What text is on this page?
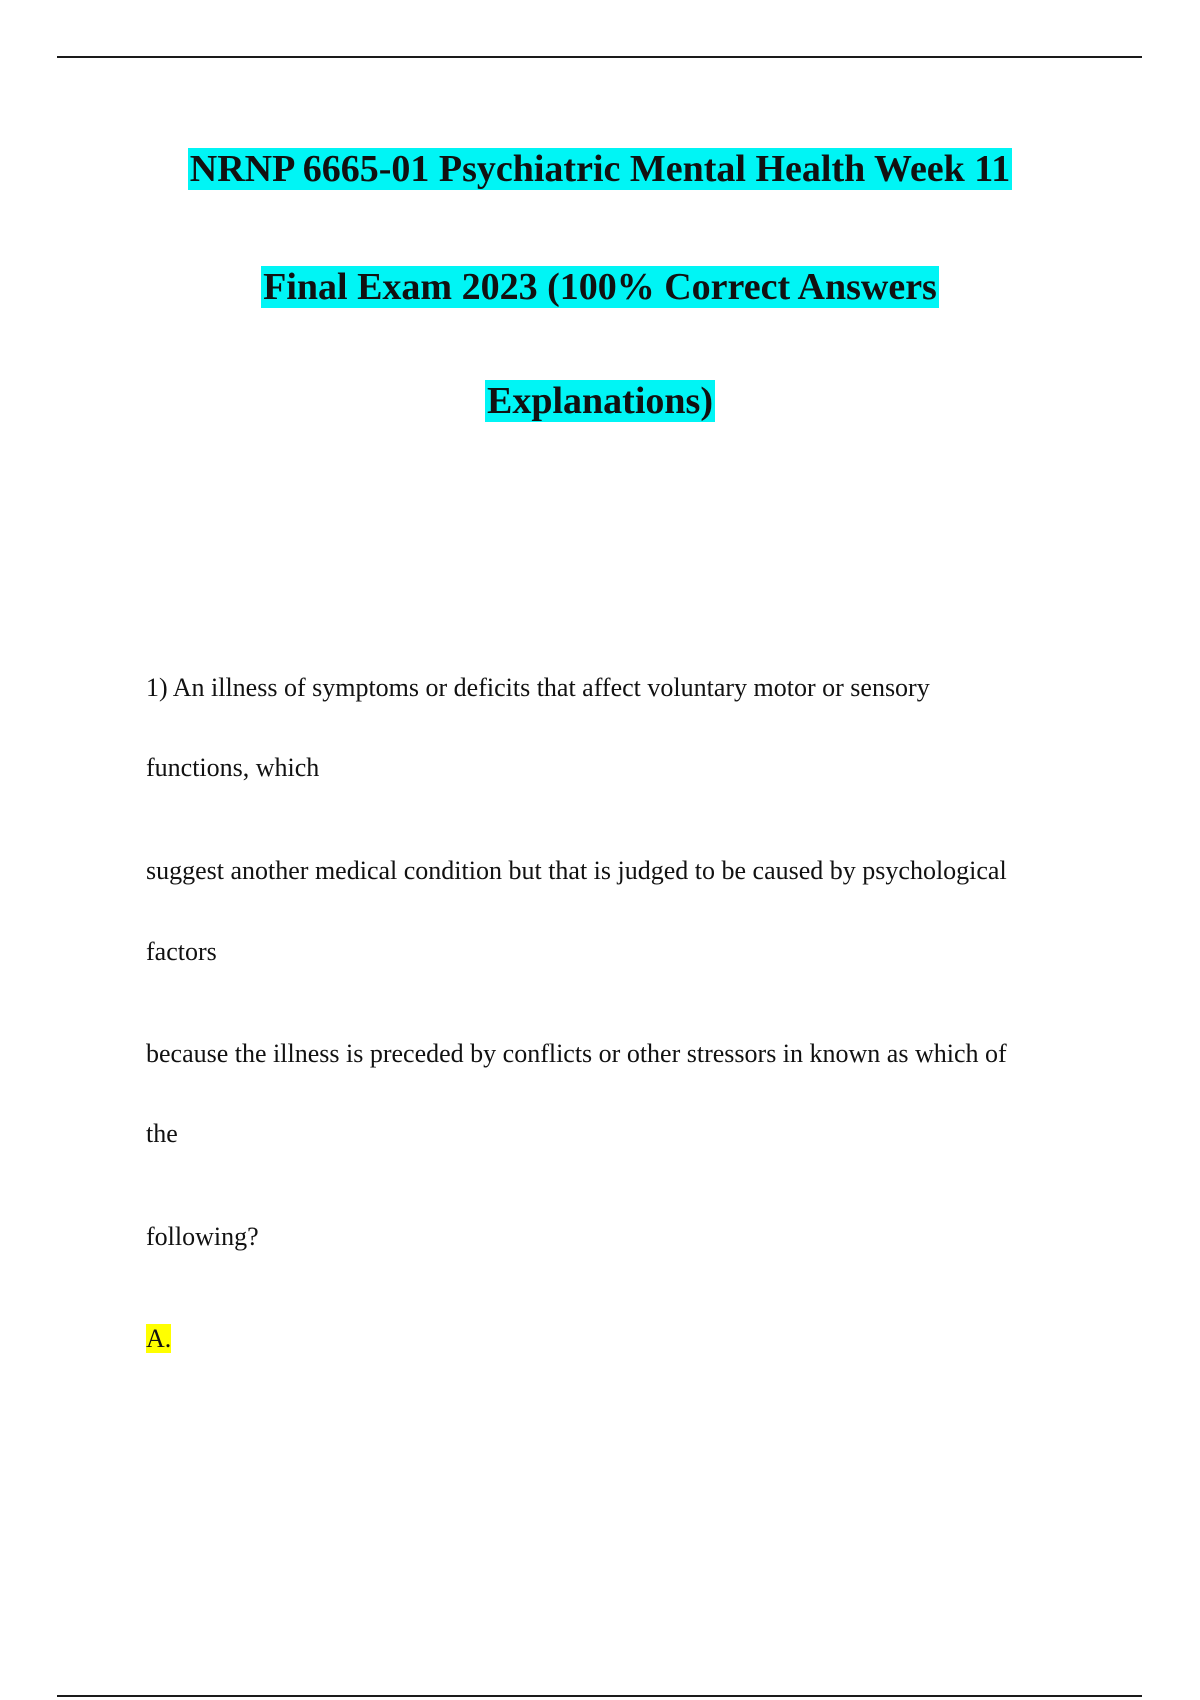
NRNP 6665-01 Psychiatric Mental Health Week 11
Final Exam 2023 (100% Correct Answers
Explanations)
1) An illness of symptoms or deficits that affect voluntary motor or sensory
functions, which
suggest another medical condition but that is judged to be caused by psychological
factors
because the illness is preceded by conflicts or other stressors in known as which of
the
following?
A.
